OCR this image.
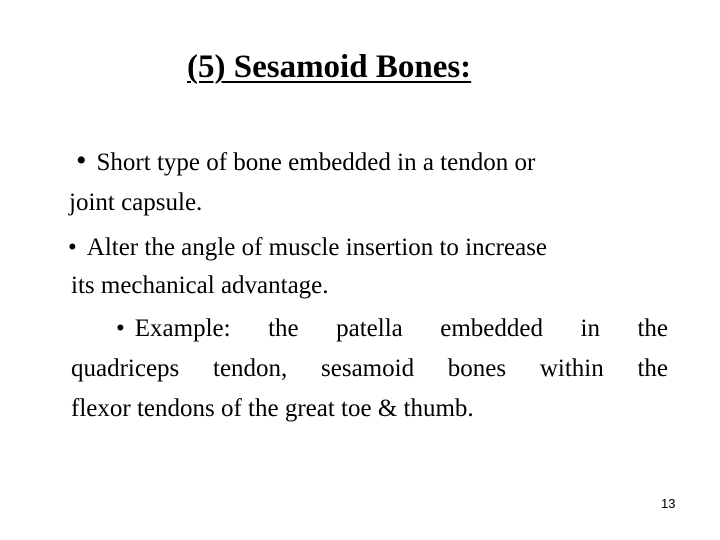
(5) Sesamoid Bones:
• Short type of bone embedded in a tendon or
joint capsule.
• Alter the angle of muscle insertion to increase
its mechanical advantage.
• Example: the patella embedded in the
quadriceps tendon, sesamoid bones within the
flexor tendons of the great toe & thumb.
13
